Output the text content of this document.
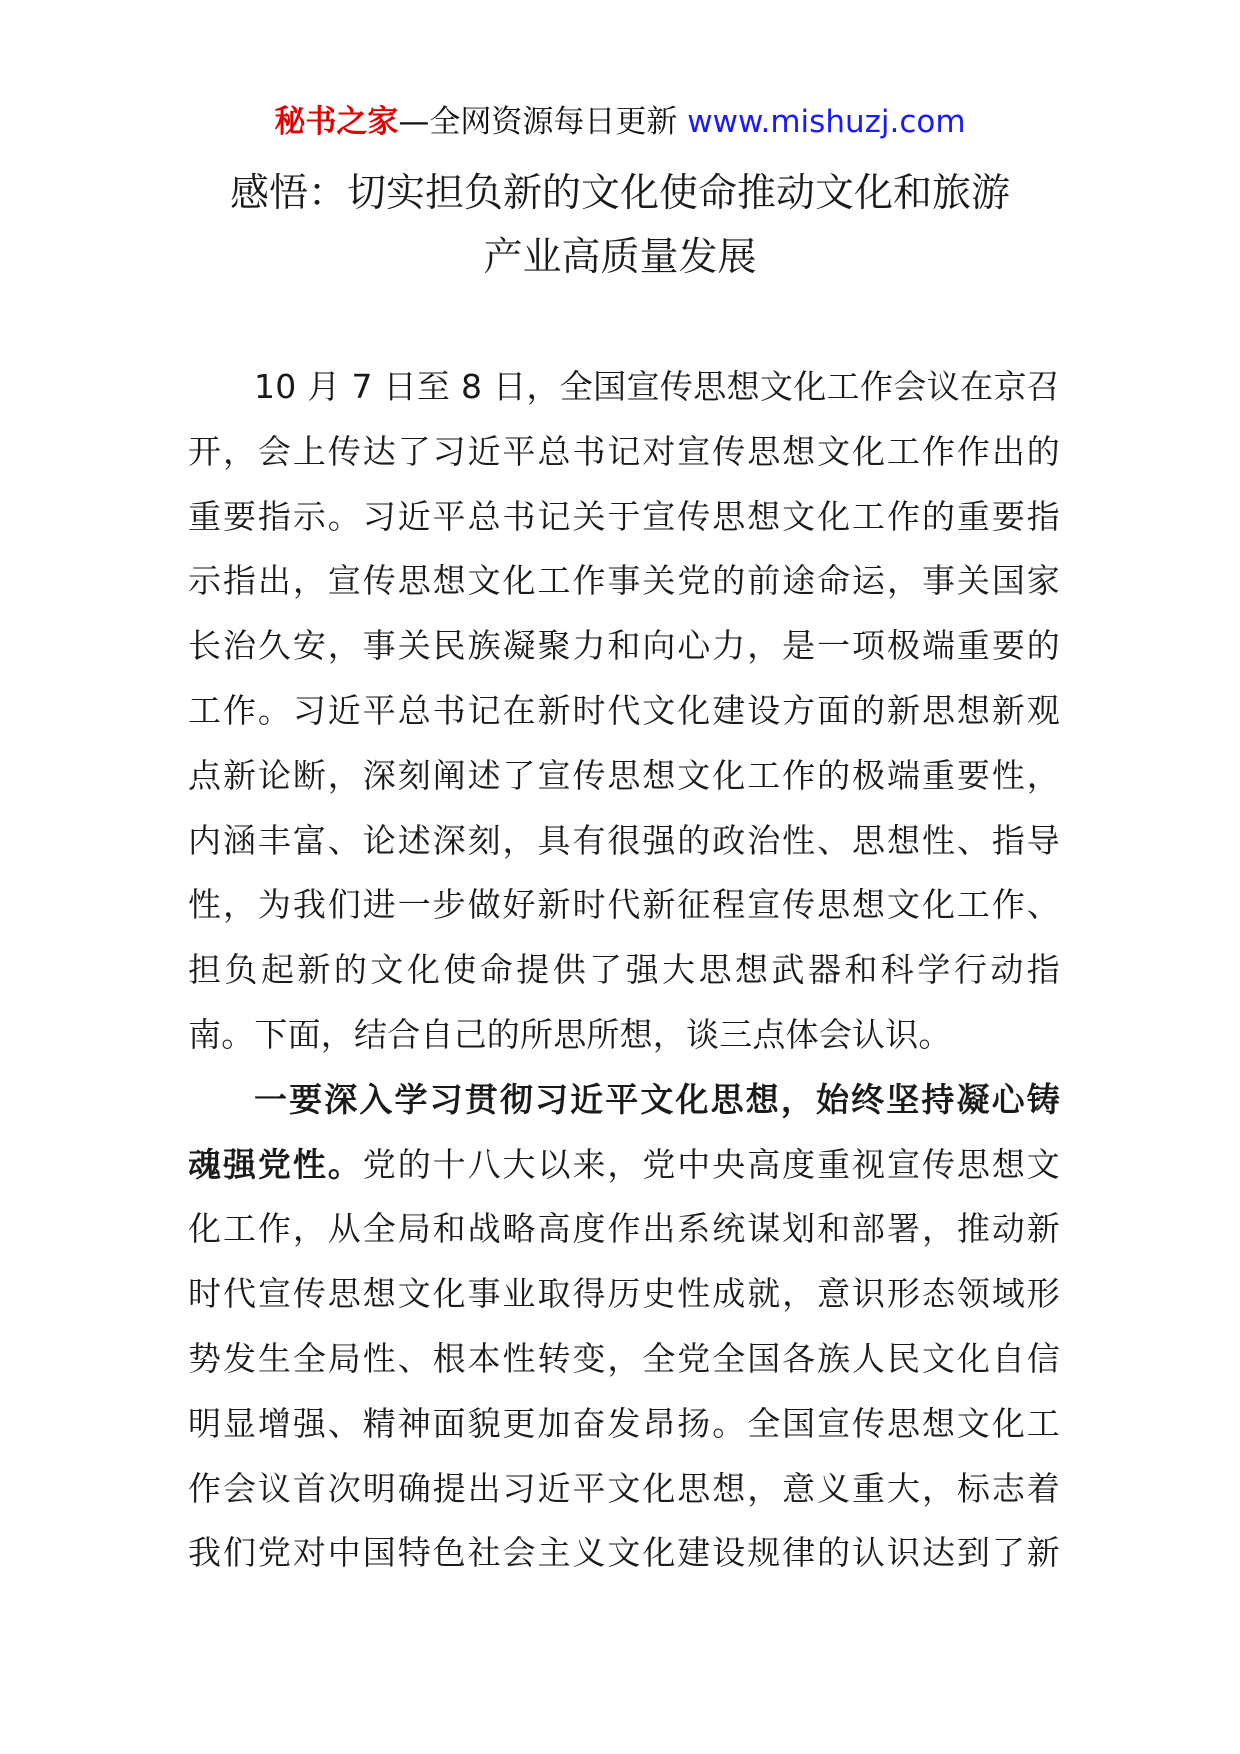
秘书之家—全网资源每日更新 www.mishuzj.com
感悟：切实担负新的文化使命推动文化和旅游
产业高质量发展
10 月 7 日至 8 日，全国宣传思想文化工作会议在京召
开，会上传达了习近平总书记对宣传思想文化工作作出的
重要指示。习近平总书记关于宣传思想文化工作的重要指
示指出，宣传思想文化工作事关党的前途命运，事关国家
长治久安，事关民族凝聚力和向心力，是一项极端重要的
工作。习近平总书记在新时代文化建设方面的新思想新观
点新论断，深刻阐述了宣传思想文化工作的极端重要性，
内涵丰富、论述深刻，具有很强的政治性、思想性、指导
性，为我们进一步做好新时代新征程宣传思想文化工作、
担负起新的文化使命提供了强大思想武器和科学行动指
南。下面，结合自己的所思所想，谈三点体会认识。
一要深入学习贯彻习近平文化思想，始终坚持凝心铸
魂强党性。党的十八大以来，党中央高度重视宣传思想文
化工作，从全局和战略高度作出系统谋划和部署，推动新
时代宣传思想文化事业取得历史性成就，意识形态领域形
势发生全局性、根本性转变，全党全国各族人民文化自信
明显增强、精神面貌更加奋发昂扬。全国宣传思想文化工
作会议首次明确提出习近平文化思想，意义重大，标志着
我们党对中国特色社会主义文化建设规律的认识达到了新
